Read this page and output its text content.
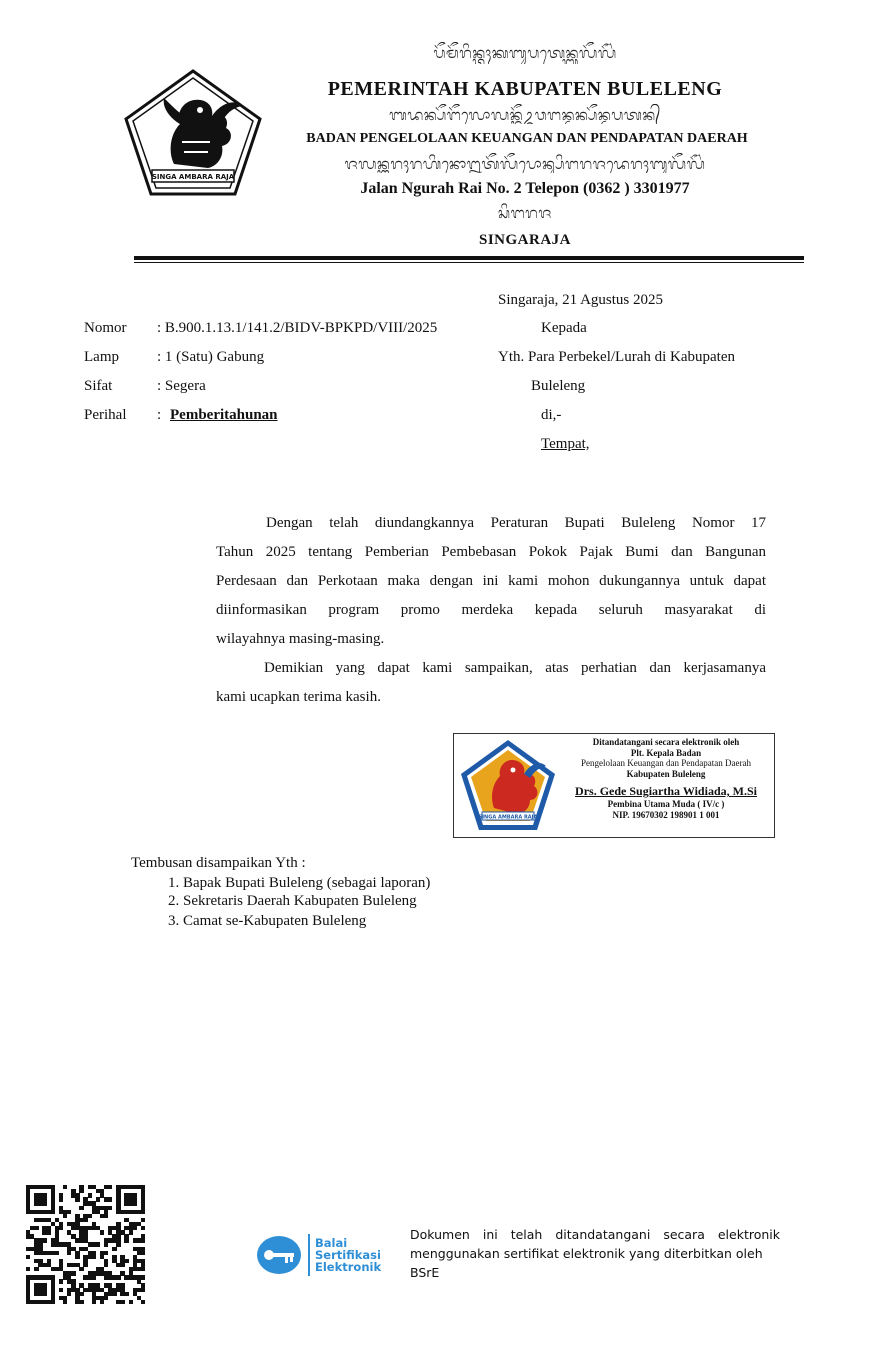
SINGA AMBARA RAJA
ᬧᭂᬫᭂᬭᬶᬦ᭄ᬢᬄᬓᬩᬸᬧᬢᬾᬦ᭄ᬩᬸᬮᭂᬮᭂᬂ
PEMERINTAH KABUPATEN BULELENG
ᬩᬤᬦ᭄ᬧᭂᬗᭂᬮᭀᬮᬦ᭄ᬓᭂᬉᬯᬗᬦ᭄ᬤᬦ᭄ᬧᭂᬦ᭄ᬤᬧᬢᬦ᭄
BADAN PENGELOLAAN KEUANGAN DAN PENDAPATAN DAERAH
ᬚᬮᬦ᭄ᬗᬸᬭᬄᬭᬳᬶᬦᭀ᭒ᬢᭂᬮᭂᬧᭀᬦ᭄ᬲᬶᬗᬭᬚᬤᬾᬭᬄᬩᬸᬮᭂᬮᭂᬂ
Jalan Ngurah Rai No. 2 Telepon (0362 ) 3301977
ᬲᬶᬗᬭᬚ
SINGARAJA
Singaraja, 21 Agustus 2025
Nomor : B.900.1.13.1/141.2/BIDV-BPKPD/VIII/2025
Lamp	: 1 (Satu) Gabung
Sifat	: Segera
Perihal : Pemberitahunan
Kepada
Yth. Para Perbekel/Lurah di Kabupaten
Buleleng
di,-
Tempat,
Dengan telah diundangkannya Peraturan Bupati Buleleng Nomor 17
Tahun 2025 tentang Pemberian Pembebasan Pokok Pajak Bumi dan Bangunan
Perdesaan dan Perkotaan maka dengan ini kami mohon dukungannya untuk dapat
diinformasikan program promo merdeka kepada seluruh masyarakat di
wilayahnya masing-masing.
Demikian yang dapat kami sampaikan, atas perhatian dan kerjasamanya
kami ucapkan terima kasih.
SINGA AMBARA RAJA
Ditandatangani secara elektronik oleh
Plt. Kepala Badan
Pengelolaan Keuangan dan Pendapatan Daerah
Kabupaten Buleleng
Drs. Gede Sugiartha Widiada, M.Si
Pembina Utama Muda ( IV/c )
NIP. 19670302 198901 1 001
Tembusan disampaikan Yth :
1. Bapak Bupati Buleleng (sebagai laporan)
2. Sekretaris Daerah Kabupaten Buleleng
3. Camat se-Kabupaten Buleleng
Balai
Sertifikasi
Elektronik
Dokumen ini telah ditandatangani secara elektronik
menggunakan sertifikat elektronik yang diterbitkan oleh
BSrE
